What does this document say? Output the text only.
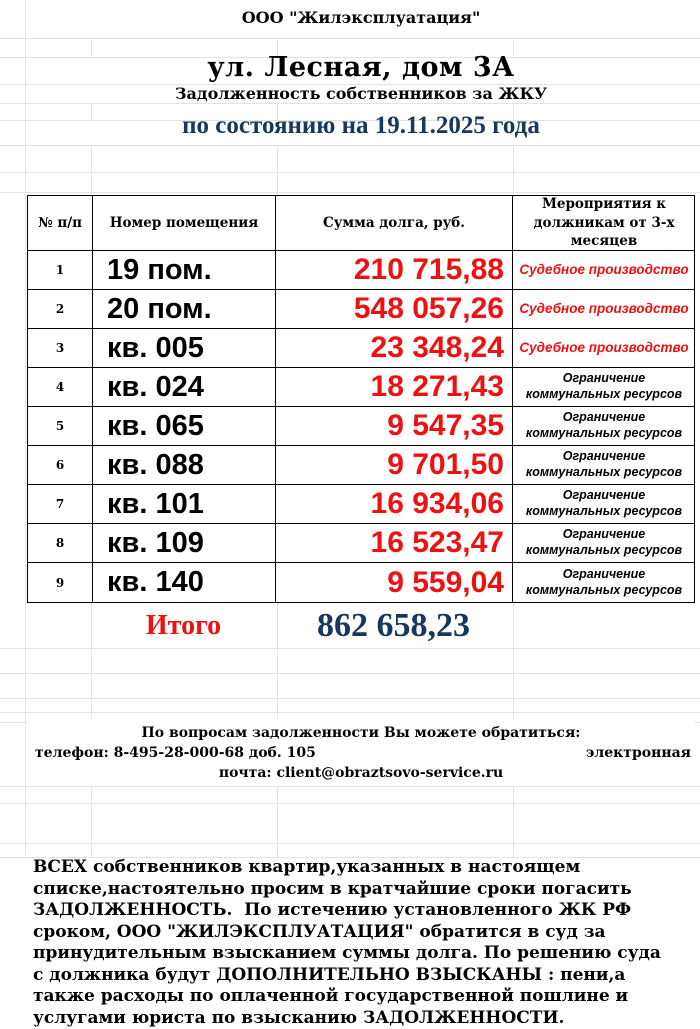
ООО "Жилэксплуатация"
ул. Лесная, дом 3А
Задолженность собственников за ЖКУ
по состоянию на 19.11.2025 года
№ п/п	Номер помещения	Сумма долга, руб.
Мероприятия к должникам от 3-х месяцев
1	19 пом.	210 715,88	Судебное производство
2	20 пом.	548 057,26	Судебное производство
3	кв. 005	23 348,24	Судебное производство
4	кв. 024	18 271,43	Ограничение
коммунальных ресурсов
5	кв. 065	9 547,35	Ограничение
коммунальных ресурсов
6	кв. 088	9 701,50	Ограничение
коммунальных ресурсов
7	кв. 101	16 934,06	Ограничение
коммунальных ресурсов
8	кв. 109	16 523,47	Ограничение
коммунальных ресурсов
9	кв. 140	9 559,04	Ограничение
коммунальных ресурсов
Итого	862 658,23
По вопросам задолженности Вы можете обратиться:
телефон: 8-495-28-000-68 доб. 105	электронная
почта: client@obraztsovo-service.ru
ВСЕХ собственников квартир,указанных в настоящем списке,настоятельно просим в кратчайшие сроки погасить ЗАДОЛЖЕННОСТЬ.  По истечению установленного ЖК РФ сроком, ООО "ЖИЛЭКСПЛУАТАЦИЯ" обратится в суд за принудительным взысканием суммы долга. По решению суда с должника будут ДОПОЛНИТЕЛЬНО ВЗЫСКАНЫ : пени,а также расходы по оплаченной государственной пошлине и услугами юриста по взысканию ЗАДОЛЖЕННОСТИ.
